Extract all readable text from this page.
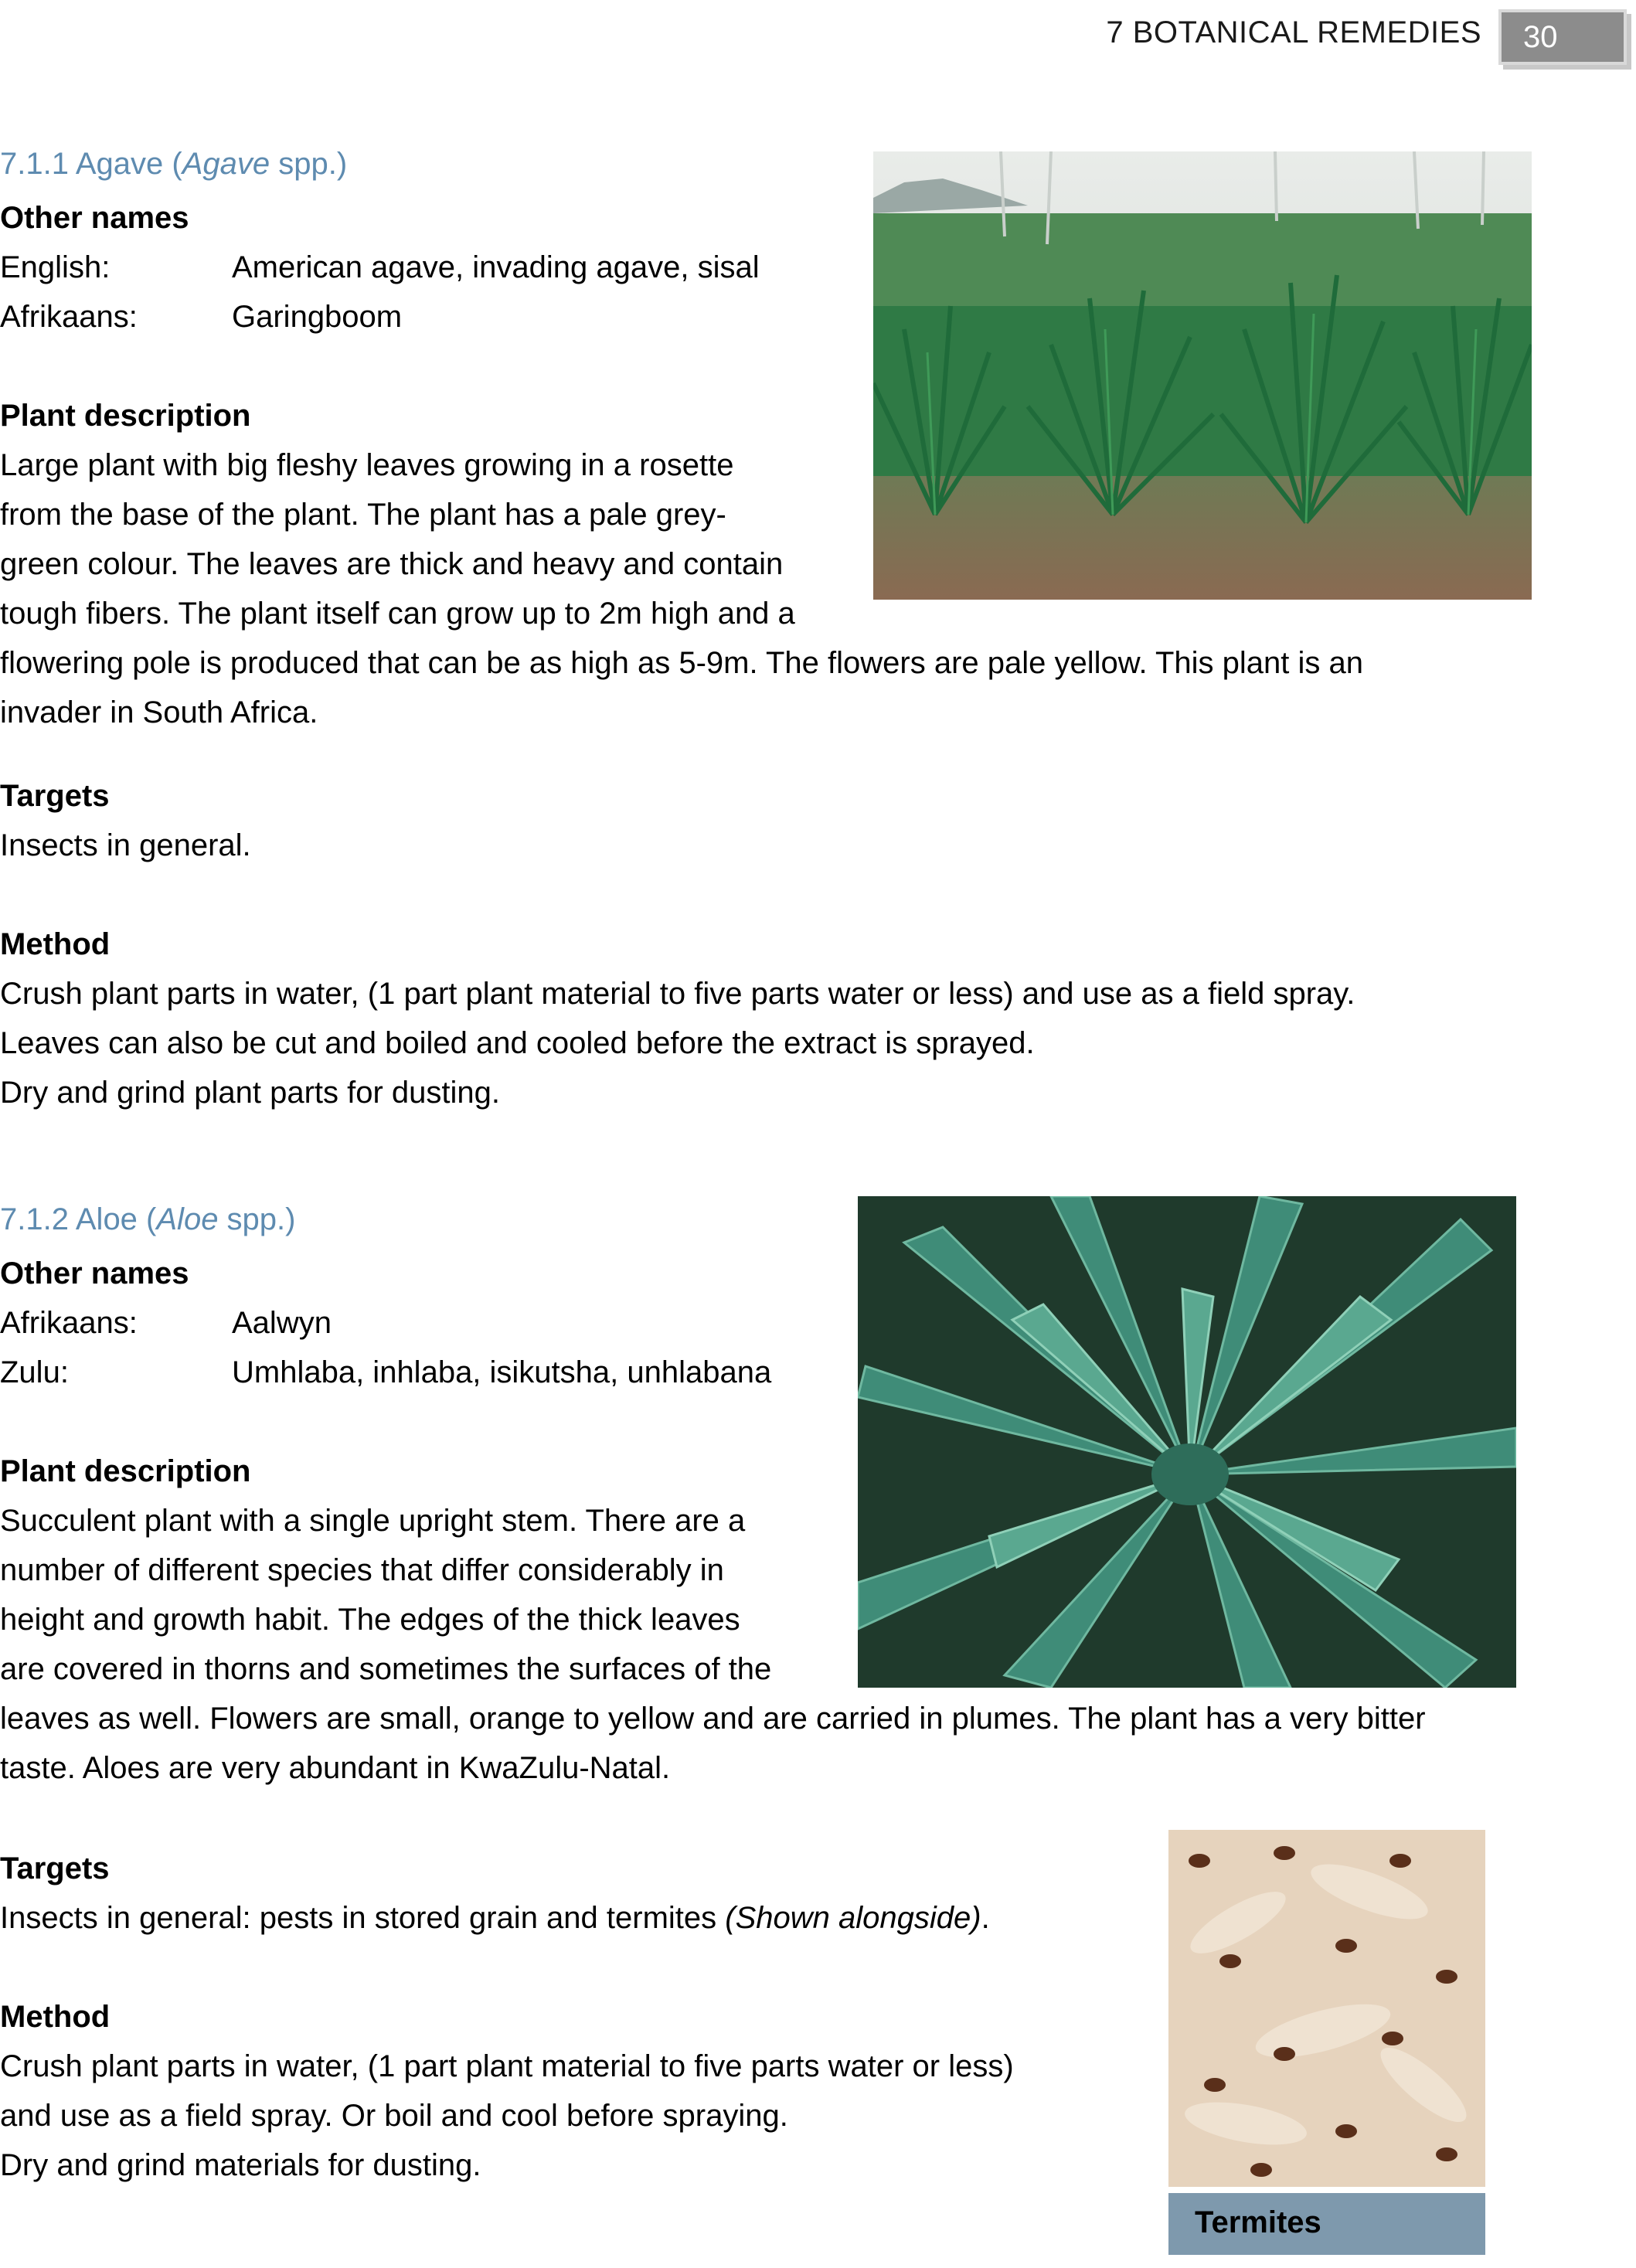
7 BOTANICAL REMEDIES 30
7.1.1 Agave (Agave spp.)
Other names
English:	American agave, invading agave, sisal
Afrikaans:	Garingboom
Plant description
Large plant with big fleshy leaves growing in a rosette
from the base of the plant. The plant has a pale grey-
green colour. The leaves are thick and heavy and contain
tough fibers. The plant itself can grow up to 2m high and a
flowering pole is produced that can be as high as 5-9m. The flowers are pale yellow. This plant is an
invader in South Africa.
Targets
Insects in general.
Method
Crush plant parts in water, (1 part plant material to five parts water or less) and use as a field spray.
Leaves can also be cut and boiled and cooled before the extract is sprayed.
Dry and grind plant parts for dusting.
7.1.2 Aloe (Aloe spp.)
Other names
Afrikaans:	Aalwyn
Zulu:	Umhlaba, inhlaba, isikutsha, unhlabana
Plant description
Succulent plant with a single upright stem. There are a
number of different species that differ considerably in
height and growth habit. The edges of the thick leaves
are covered in thorns and sometimes the surfaces of the
leaves as well. Flowers are small, orange to yellow and are carried in plumes. The plant has a very bitter
taste. Aloes are very abundant in KwaZulu-Natal.
Targets
Insects in general: pests in stored grain and termites (Shown alongside).
Method
Crush plant parts in water, (1 part plant material to five parts water or less)
and use as a field spray. Or boil and cool before spraying.
Dry and grind materials for dusting.
Termites
